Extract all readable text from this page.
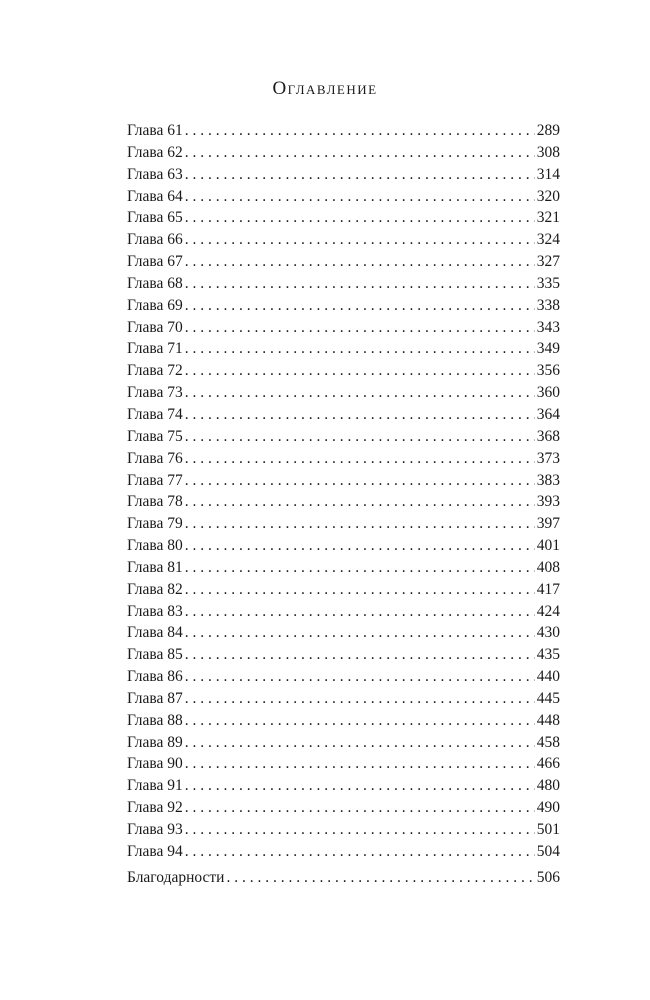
Оглавление
Глава 61 . . .	289
Глава 62 . . .	308
Глава 63 . . .	314
Глава 64 . . .	320
Глава 65 . . .	321
Глава 66 . . .	324
Глава 67 . . .	327
Глава 68 . . .	335
Глава 69 . . .	338
Глава 70 . . .	343
Глава 71 . . .	349
Глава 72 . . .	356
Глава 73 . . .	360
Глава 74 . . .	364
Глава 75 . . .	368
Глава 76 . . .	373
Глава 77 . . .	383
Глава 78 . . .	393
Глава 79 . . .	397
Глава 80 . . .	401
Глава 81 . . .	408
Глава 82 . . .	417
Глава 83 . . .	424
Глава 84 . . .	430
Глава 85 . . .	435
Глава 86 . . .	440
Глава 87 . . .	445
Глава 88 . . .	448
Глава 89 . . .	458
Глава 90 . . .	466
Глава 91 . . .	480
Глава 92 . . .	490
Глава 93 . . .	501
Глава 94 . . .	504
Благодарности . . .	506
